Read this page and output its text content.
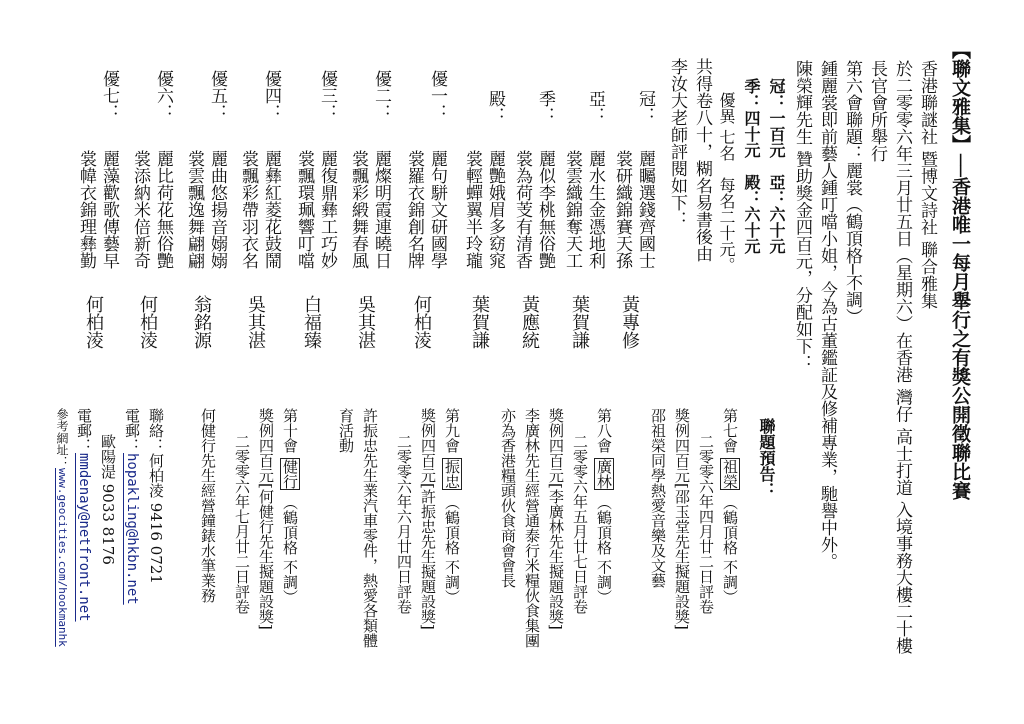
【聯文雅集】──香港唯一每月舉行之有獎公開徵聯比賽
香港聯謎社 暨博文詩社 聯合雅集
於二零零六年三月廿五日（星期六）在香港 灣仔 高士打道 入境事務大樓二十樓
長官會所舉行
第六會聯題：麗裳（鶴頂格─不調）
鍾麗裳即前藝人鍾叮噹小姐，今為古董鑑証及修補專業，馳譽中外。
陳榮輝先生 贊助獎金四百元，分配如下：
冠：一百元　亞：六十元
季：四十元　殿：六十元
優異 七名　每名二十元。
共得卷八十，糊名易書後由
李汝大老師評閱如下：
冠：
麗矚選錢齊國士
裳研織錦賽天孫
黃專修
亞：
麗水生金憑地利
裳雲織錦奪天工
葉賀謙
季：
麗似李桃無俗艷
裳為荷芰有清香
黃應統
殿：
麗艷娥眉多窈窕
裳輕蟬翼半玲瓏
葉賀謙
優一：
麗句駢文研國學
裳羅衣錦創名牌
何柏淩
優二：
麗燦明霞連曉日
裳飄彩緞舞春風
吳其湛
優三：
麗復鼎彝工巧妙
裳飄環珮響叮噹
白福臻
優四：
麗彝紅菱花鼓鬧
裳飄彩帶羽衣名
吳其湛
優五：
麗曲悠揚音嫋嫋
裳雲飄逸舞翩翩
翁銘源
優六：
麗比荷花無俗艷
裳添納米倍新奇
何柏淩
優七：
麗藻歡歌傳藝早
裳幃衣錦理彝勤
何柏淩
聯題預告：
第七會 祖榮 （鶴頂格 不調）
二零零六年四月廿二日評卷
獎例四百元[邵玉堂先生擬題設獎]
邵祖榮同學熱愛音樂及文藝
第八會 廣林 （鶴頂格 不調）
二零零六年五月廿七日評卷
獎例四百元[李廣林先生擬題設獎]
李廣林先生經營通泰行米糧伙食集團
亦為香港糧頭伙食商會會長
第九會 振忠 （鶴頂格 不調）
獎例四百元[許振忠先生擬題設獎]
二零零六年六月廿四日評卷
許振忠先生業汽車零件，熱愛各類體
育活動
第十會 健行 （鶴頂格 不調）
獎例四百元[何健行先生擬題設獎]
二零零六年七月廿二日評卷
何健行先生經營鐘錶水筆業務
聯絡：何柏淩 9416 0721
電郵：hopakling@hkbn.net
歐陽湜 9033 8176
電郵：mmdenay@netfront.net
參考網址：www.geocities.com/hookmanhk
